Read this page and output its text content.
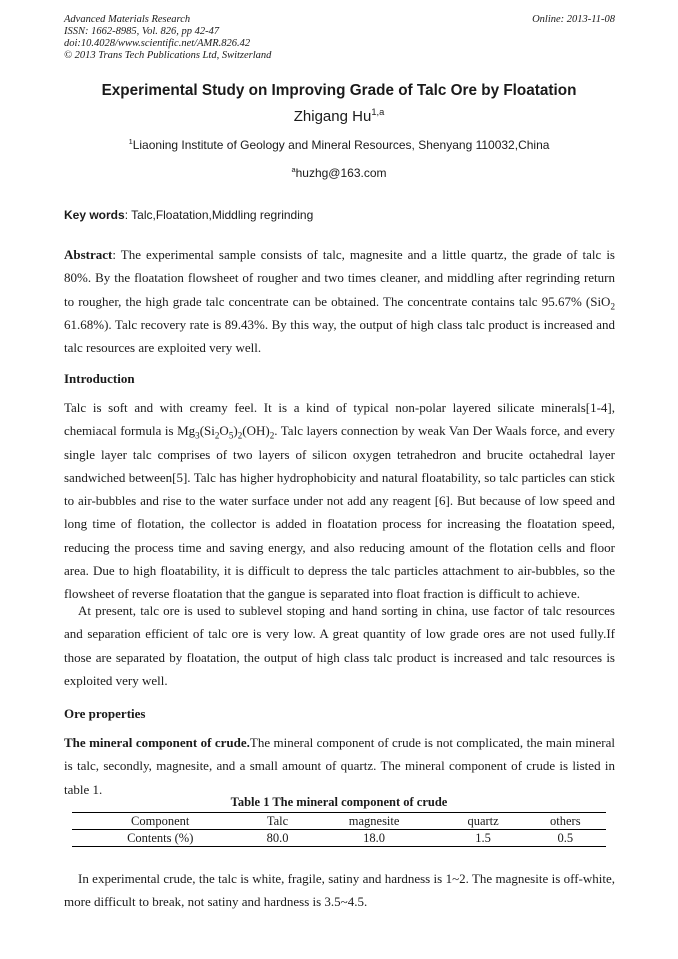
Advanced Materials Research
ISSN: 1662-8985, Vol. 826, pp 42-47
doi:10.4028/www.scientific.net/AMR.826.42
© 2013 Trans Tech Publications Ltd, Switzerland
Online: 2013-11-08
Experimental Study on Improving Grade of Talc Ore by Floatation
Zhigang Hu$^{1,a}$
$^1$Liaoning Institute of Geology and Mineral Resources, Shenyang 110032,China
$^a$huzhg@163.com
Key words: Talc,Floatation,Middling regrinding
Abstract: The experimental sample consists of talc, magnesite and a little quartz, the grade of talc is 80%. By the floatation flowsheet of rougher and two times cleaner, and middling after regrinding return to rougher, the high grade talc concentrate can be obtained. The concentrate contains talc 95.67% (SiO$_2$ 61.68%). Talc recovery rate is 89.43%. By this way, the output of high class talc product is increased and talc resources are exploited very well.
Introduction
Talc is soft and with creamy feel. It is a kind of typical non-polar layered silicate minerals[1-4], chemiacal formula is $Mg_3(Si_2O_5)_2(OH)_2$. Talc layers connection by weak Van Der Waals force, and every single layer talc comprises of two layers of silicon oxygen tetrahedron and brucite octahedral layer sandwiched between[5]. Talc has higher hydrophobicity and natural floatability, so talc particles can stick to air-bubbles and rise to the water surface under not add any reagent [6]. But because of low speed and long time of flotation, the collector is added in floatation process for increasing the floatation speed, reducing the process time and saving energy, and also reducing amount of the flotation cells and floor area. Due to high floatability, it is difficult to depress the talc particles attachment to air-bubbles, so the flowsheet of reverse floatation that the gangue is separated into float fraction is difficult to achieve.
At present, talc ore is used to sublevel stoping and hand sorting in china, use factor of talc resources and separation efficient of talc ore is very low. A great quantity of low grade ores are not used fully.If those are separated by floatation, the output of high class talc product is increased and talc resources is exploited very well.
Ore properties
The mineral component of crude.The mineral component of crude is not complicated, the main mineral is talc, secondly, magnesite, and a small amount of quartz. The mineral component of crude is listed in table 1.
Table 1 The mineral component of crude
Component	Talc	magnesite	quartz	others
Contents (%)	80.0	18.0	1.5	0.5
In experimental crude, the talc is white, fragile, satiny and hardness is 1~2. The magnesite is off-white, more difficult to break, not satiny and hardness is 3.5~4.5.
